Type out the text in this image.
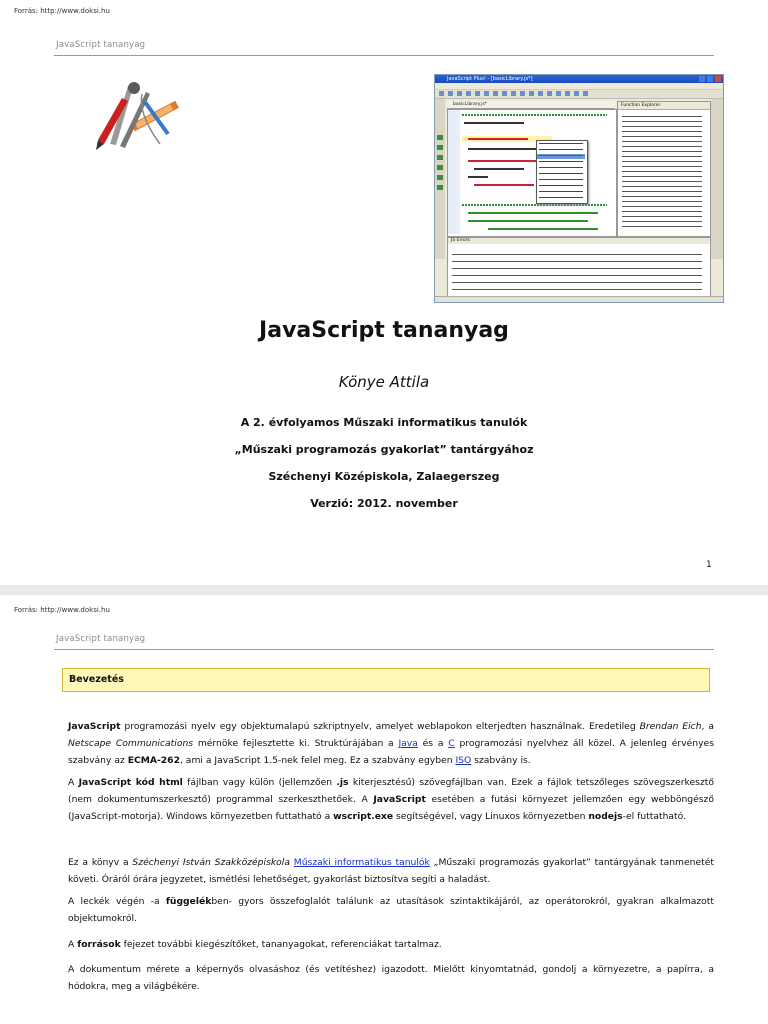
Forrás: http://www.doksi.hu
JavaScript tananyag
JavaScript Plus! - [basicLibrary.js*]
basicLibrary.js*	Function Explorer
JS Errors
JavaScript tananyag
Könye Attila
A 2. évfolyamos Műszaki informatikus tanulók
„Műszaki programozás gyakorlat” tantárgyához
Széchenyi Középiskola, Zalaegerszeg
Verzió: 2012. november
1
Forrás: http://www.doksi.hu
JavaScript tananyag
Bevezetés
JavaScript programozási nyelv egy objektumalapú szkriptnyelv, amelyet weblapokon elterjedten használnak. Eredetileg Brendan Eich, a Netscape Communications mérnöke fejlesztette ki. Struktúrájában a Java és a C programozási nyelvhez áll közel. A jelenleg érvényes szabvány az ECMA-262, ami a JavaScript 1.5-nek felel meg. Ez a szabvány egyben ISO szabvány is.
A JavaScript kód html fájlban vagy külön (jellemzően .js kiterjesztésű) szövegfájlban van. Ezek a fájlok tetszőleges szövegszerkesztő (nem dokumentumszerkesztő) programmal szerkeszthetőek. A JavaScript esetében a futási környezet jellemzően egy webböngésző (JavaScript-motorja). Windows környezetben futtatható a wscript.exe segítségével, vagy Linuxos környezetben nodejs-el futtatható.
Ez a könyv a Széchenyi István Szakközépiskola Műszaki informatikus tanulók „Műszaki programozás gyakorlat” tantárgyának tanmenetét követi. Óráról órára jegyzetet, ismétlési lehetőséget, gyakorlást biztosítva segíti a haladást.
A leckék végén -a függelékben- gyors összefoglalót találunk az utasítások szintaktikájáról, az operátorokról, gyakran alkalmazott objektumokról.
A források fejezet további kiegészítőket, tananyagokat, referenciákat tartalmaz.
A dokumentum mérete a képernyős olvasáshoz (és vetítéshez) igazodott. Mielőtt kinyomtatnád, gondolj a környezetre, a papírra, a hódokra, meg a világbékére.
